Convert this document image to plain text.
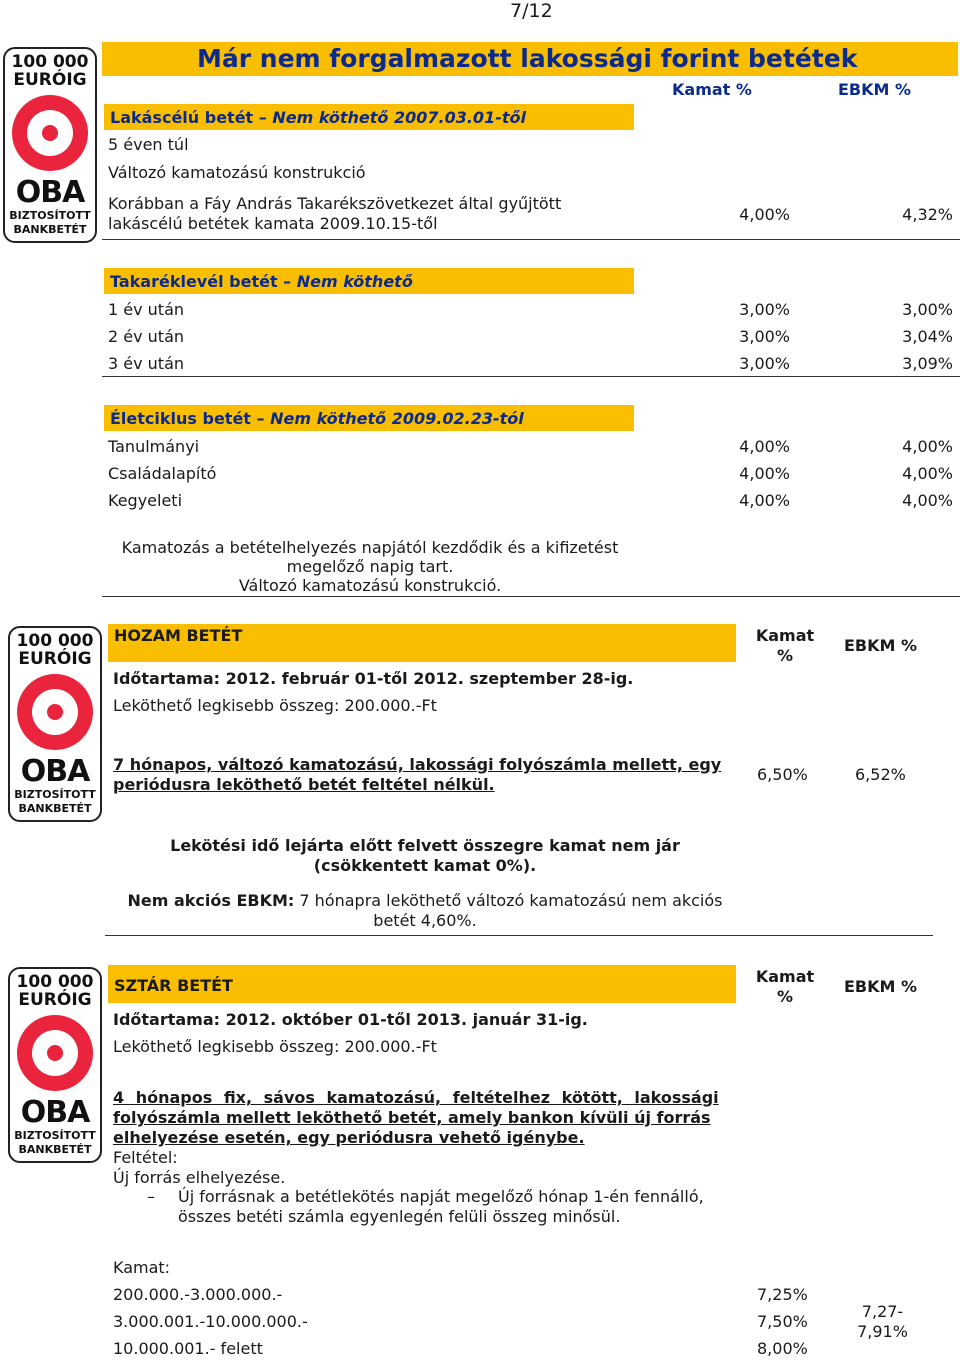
7/12
Már nem forgalmazott lakossági forint betétek
100 000
EURÓIG
OBA
BIZTOSÍTOTT
BANKBETÉT
Kamat %	EBKM %
Lakáscélú betét – Nem köthető 2007.03.01-től
5 éven túl
Változó kamatozású konstrukció
Korábban a Fáy András Takarékszövetkezet által gyűjtött
lakáscélú betétek kamata 2009.10.15-től	4,00%	4,32%
Takaréklevél betét – Nem köthető
1 év után	3,00%	3,00%
2 év után	3,00%	3,04%
3 év után	3,00%	3,09%
Életciklus betét – Nem köthető 2009.02.23-tól
Tanulmányi	4,00%	4,00%
Családalapító	4,00%	4,00%
Kegyeleti	4,00%	4,00%
Kamatozás a betételhelyezés napjától kezdődik és a kifizetést
megelőző napig tart.
Változó kamatozású konstrukció.
100 000
EURÓIG
OBA
BIZTOSÍTOTT
BANKBETÉT
HOZAM BETÉT	Kamat
%
EBKM %
Időtartama: 2012. február 01-től 2012. szeptember 28-ig.
Leköthető legkisebb összeg: 200.000.-Ft
7 hónapos, változó kamatozású, lakossági folyószámla mellett, egy
periódusra leköthető betét feltétel nélkül.
6,50%	6,52%
Lekötési idő lejárta előtt felvett összegre kamat nem jár
(csökkentett kamat 0%).
Nem akciós EBKM: 7 hónapra leköthető változó kamatozású nem akciós
betét 4,60%.
100 000
EURÓIG
OBA
BIZTOSÍTOTT
BANKBETÉT
SZTÁR BETÉT	Kamat
%
EBKM %
Időtartama: 2012. október 01-től 2013. január 31-ig.
Leköthető legkisebb összeg: 200.000.-Ft
4 hónapos fix, sávos kamatozású, feltételhez kötött, lakossági
folyószámla mellett leköthető betét, amely bankon kívüli új forrás
elhelyezése esetén, egy periódusra vehető igénybe.
Feltétel:
Új forrás elhelyezése.
– Új forrásnak a betétlekötés napját megelőző hónap 1-én fennálló,
összes betéti számla egyenlegén felüli összeg minősül.
Kamat:
200.000.-3.000.000.-	7,25%
3.000.001.-10.000.000.-	7,50%
10.000.001.- felett	8,00%
7,27-
7,91%
